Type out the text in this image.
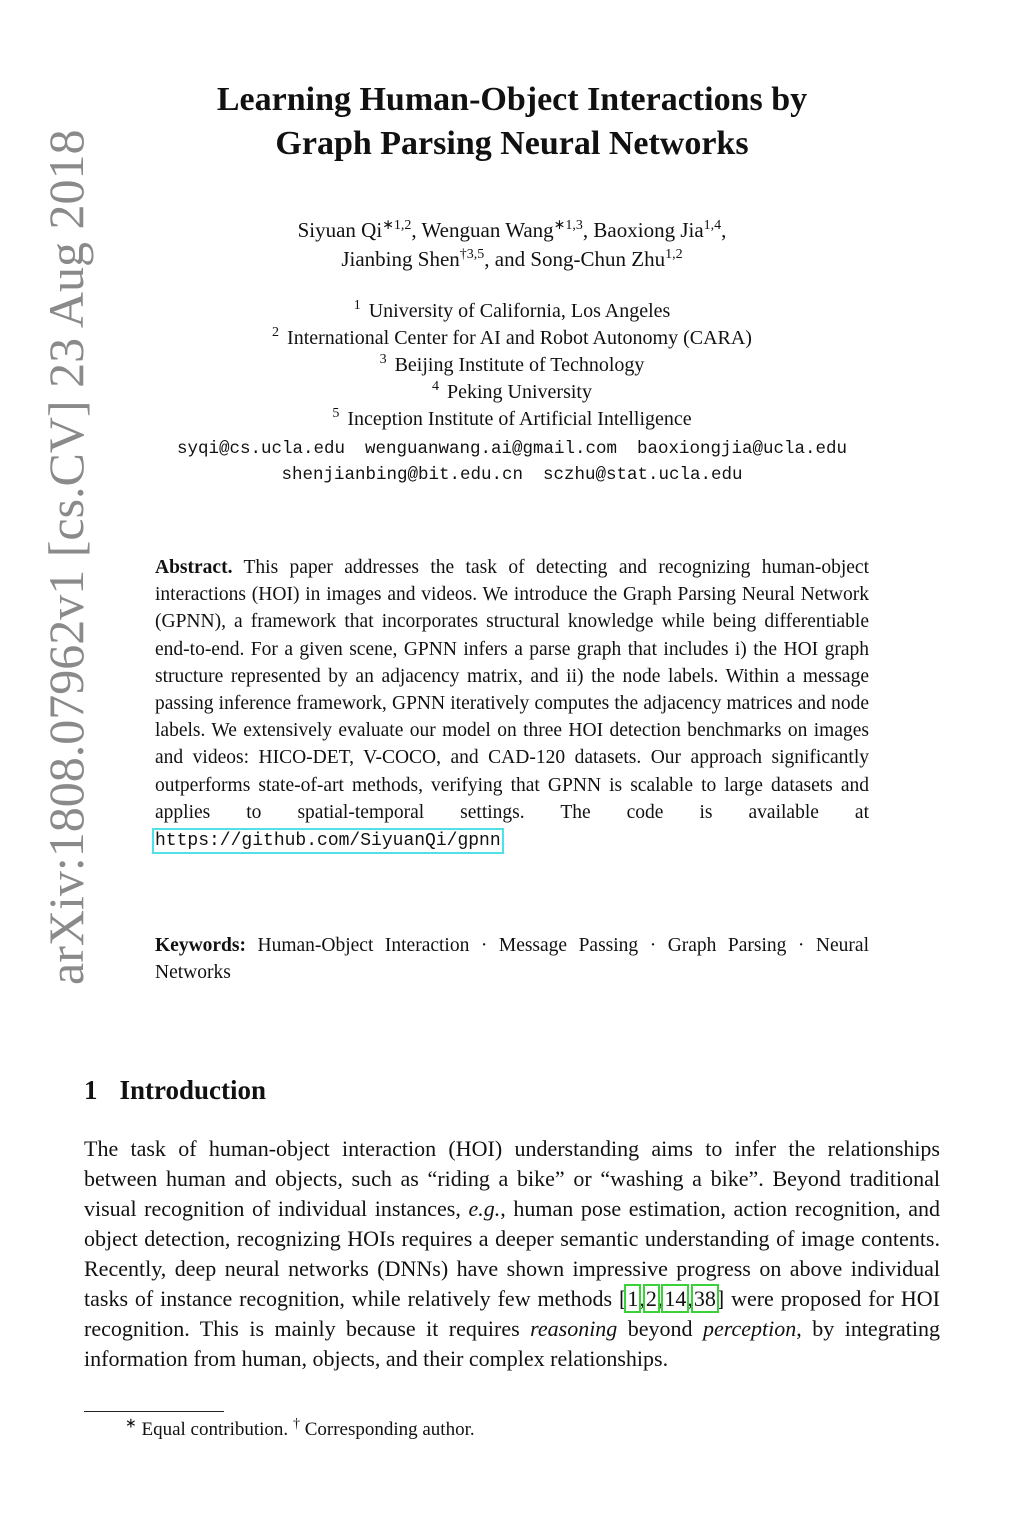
arXiv:1808.07962v1 [cs.CV] 23 Aug 2018
Learning Human-Object Interactions by
Graph Parsing Neural Networks
Siyuan $Qi^{∗1,2}$, Wenguan Wang$^{∗1,3}$, Baoxiong Jia$^{1,4}$,
Jianbing Shen$^{\dagger 3,5}$, and Song-Chun Zhu$^{1,2}$
$^1$ University of California, Los Angeles
$^2$ International Center for AI and Robot Autonomy (CARA)
$^3$ Beijing Institute of Technology
$^4$ Peking University
$^5$ Inception Institute of Artificial Intelligence
syqi@cs.ucla.edu wenguanwang.ai@gmail.com baoxiongjia@ucla.edu
shenjianbing@bit.edu.cn sczhu@stat.ucla.edu
Abstract. This paper addresses the task of detecting and recognizing human-object interactions (HOI) in images and videos. We introduce the Graph Parsing Neural Network (GPNN), a framework that incorporates structural knowledge while being differentiable end-to-end. For a given scene, GPNN infers a parse graph that includes i) the HOI graph structure represented by an adjacency matrix, and ii) the node labels. Within a message passing inference framework, GPNN iteratively computes the adjacency matrices and node labels. We extensively evaluate our model on three HOI detection benchmarks on images and videos: HICO-DET, V-COCO, and CAD-120 datasets. Our approach significantly outperforms state-of-art methods, verifying that GPNN is scalable to large datasets and applies to spatial-temporal settings. The code is available at https://github.com/SiyuanQi/gpnn.
Keywords: Human-Object Interaction · Message Passing · Graph Parsing · Neural Networks
1 Introduction
The task of human-object interaction (HOI) understanding aims to infer the relationships between human and objects, such as “riding a bike” or “washing a bike”. Beyond traditional visual recognition of individual instances, e.g., human pose estimation, action recognition, and object detection, recognizing HOIs requires a deeper semantic understanding of image contents. Recently, deep neural networks (DNNs) have shown impressive progress on above individual tasks of instance recognition, while relatively few methods [1,2,14,38] were proposed for HOI recognition. This is mainly because it requires reasoning beyond perception, by integrating information from human, objects, and their complex relationships.
∗ Equal contribution. † Corresponding author.
